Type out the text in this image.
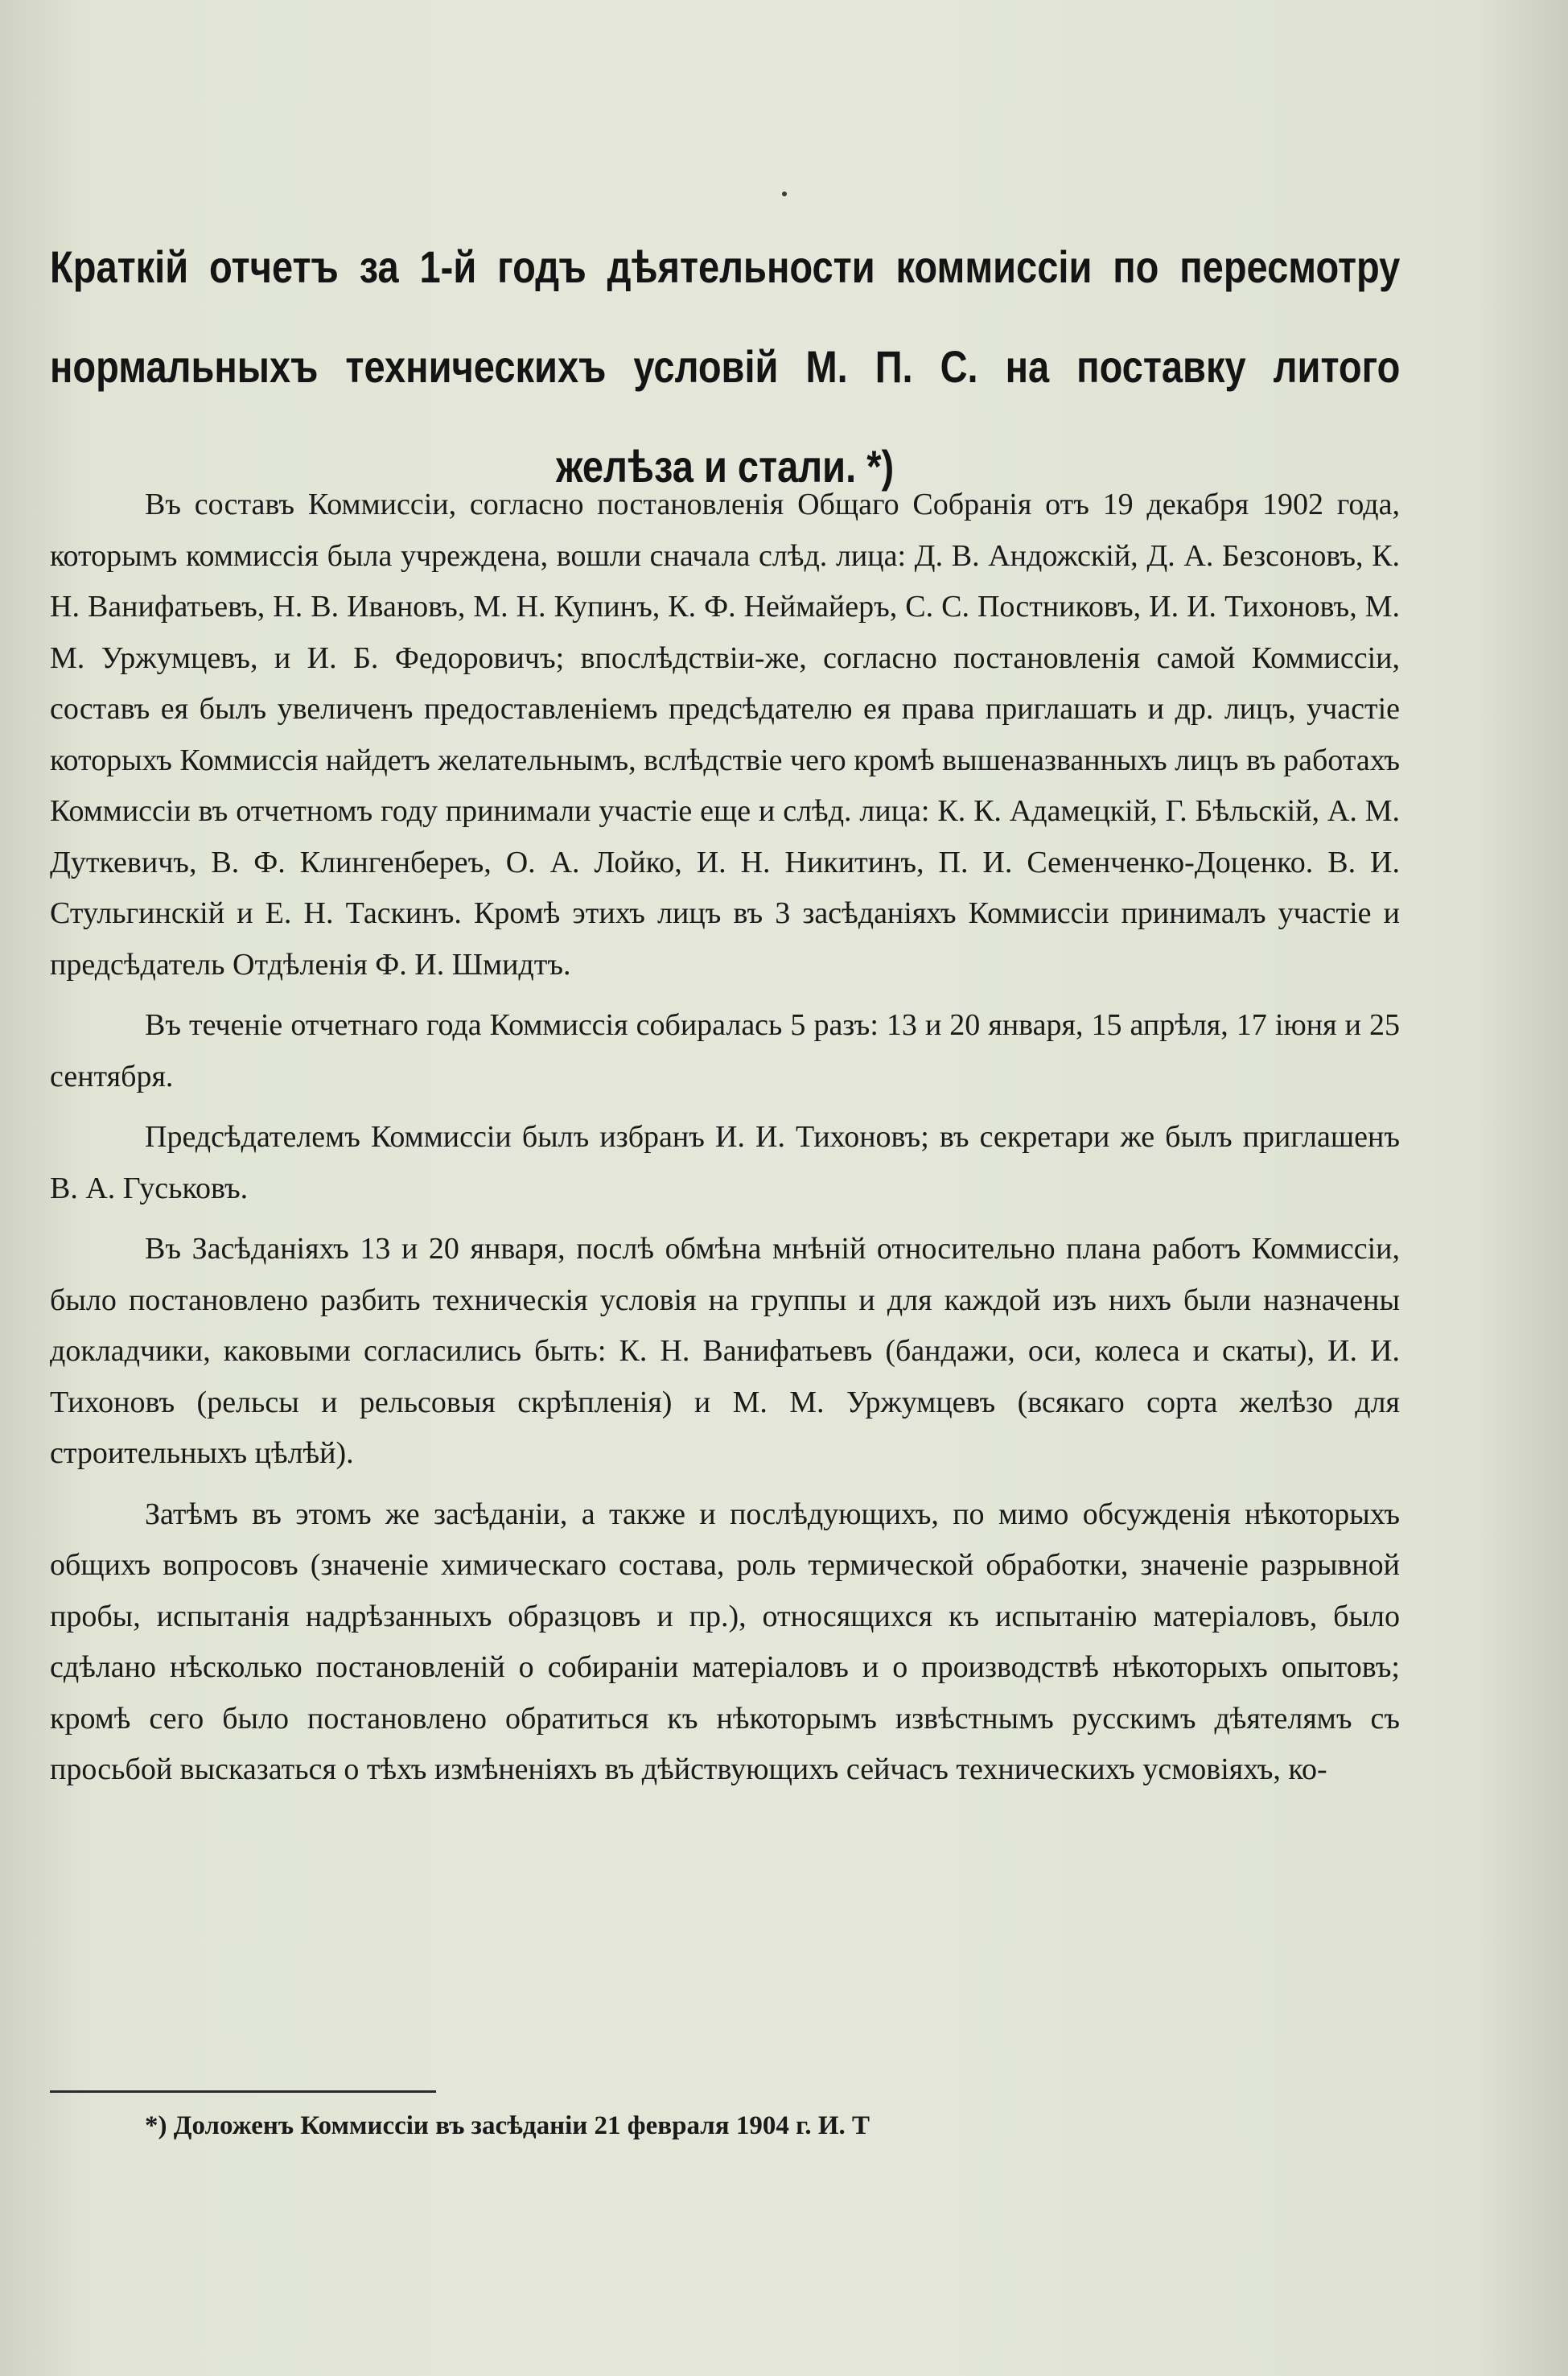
Краткій отчетъ за 1-й годъ дѣятельности коммиссіи по пересмотру нормальныхъ техническихъ условій М. П. С. на поставку литого желѣза и стали. *)

Въ составъ Коммиссіи, согласно постановленія Общаго Собранія отъ 19 декабря 1902 года, которымъ коммиссія была учреждена, вошли сначала слѣд. лица: Д. В. Андожскій, Д. А. Безсоновъ, К. Н. Ванифатьевъ, Н. В. Ивановъ, М. Н. Купинъ, К. Ф. Неймайеръ, С. С. Постниковъ, И. И. Тихоновъ, М. М. Уржумцевъ, и И. Б. Федоровичъ; впослѣдствіи-же, согласно постановленія самой Коммиссіи, составъ ея былъ увеличенъ предоставленіемъ предсѣдателю ея права приглашать и др. лицъ, участіе которыхъ Коммиссія найдетъ желательнымъ, вслѣдствіе чего кромѣ вышеназванныхъ лицъ въ работахъ Коммиссіи въ отчетномъ году принимали участіе еще и слѣд. лица: К. К. Адамецкій, Г. Бѣльскій, А. М. Дуткевичъ, В. Ф. Клингенбереъ, О. А. Лойко, И. Н. Никитинъ, П. И. Семенченко-Доценко. В. И. Стульгинскій и Е. Н. Таскинъ. Кромѣ этихъ лицъ въ 3 засѣданіяхъ Коммиссіи принималъ участіе и предсѣдатель Отдѣленія Ф. И. Шмидтъ.

Въ теченіе отчетнаго года Коммиссія собиралась 5 разъ: 13 и 20 января, 15 апрѣля, 17 іюня и 25 сентября.

Предсѣдателемъ Коммиссіи былъ избранъ И. И. Тихоновъ; въ секретари же былъ приглашенъ В. А. Гуськовъ.

Въ Засѣданіяхъ 13 и 20 января, послѣ обмѣна мнѣній относительно плана работъ Коммиссіи, было постановлено разбить техническія условія на группы и для каждой изъ нихъ были назначены докладчики, каковыми согласились быть: К. Н. Ванифатьевъ (бандажи, оси, колеса и скаты), И. И. Тихоновъ (рельсы и рельсовыя скрѣпленія) и М. М. Уржумцевъ (всякаго сорта желѣзо для строительныхъ цѣлѣй).

Затѣмъ въ этомъ же засѣданіи, а также и послѣдующихъ, по мимо обсужденія нѣкоторыхъ общихъ вопросовъ (значеніе химическаго состава, роль термической обработки, значеніе разрывной пробы, испытанія надрѣзанныхъ образцовъ и пр.), относящихся къ испытанію матеріаловъ, было сдѣлано нѣсколько постановленій о собираніи матеріаловъ и о производствѣ нѣкоторыхъ опытовъ; кромѣ сего было постановлено обратиться къ нѣкоторымъ извѣстнымъ русскимъ дѣятелямъ съ просьбой высказаться о тѣхъ измѣненіяхъ въ дѣйствующихъ сейчасъ техническихъ усмовіяхъ, ко-

*) Доложенъ Коммиссіи въ засѣданіи 21 февраля 1904 г. И. Т
